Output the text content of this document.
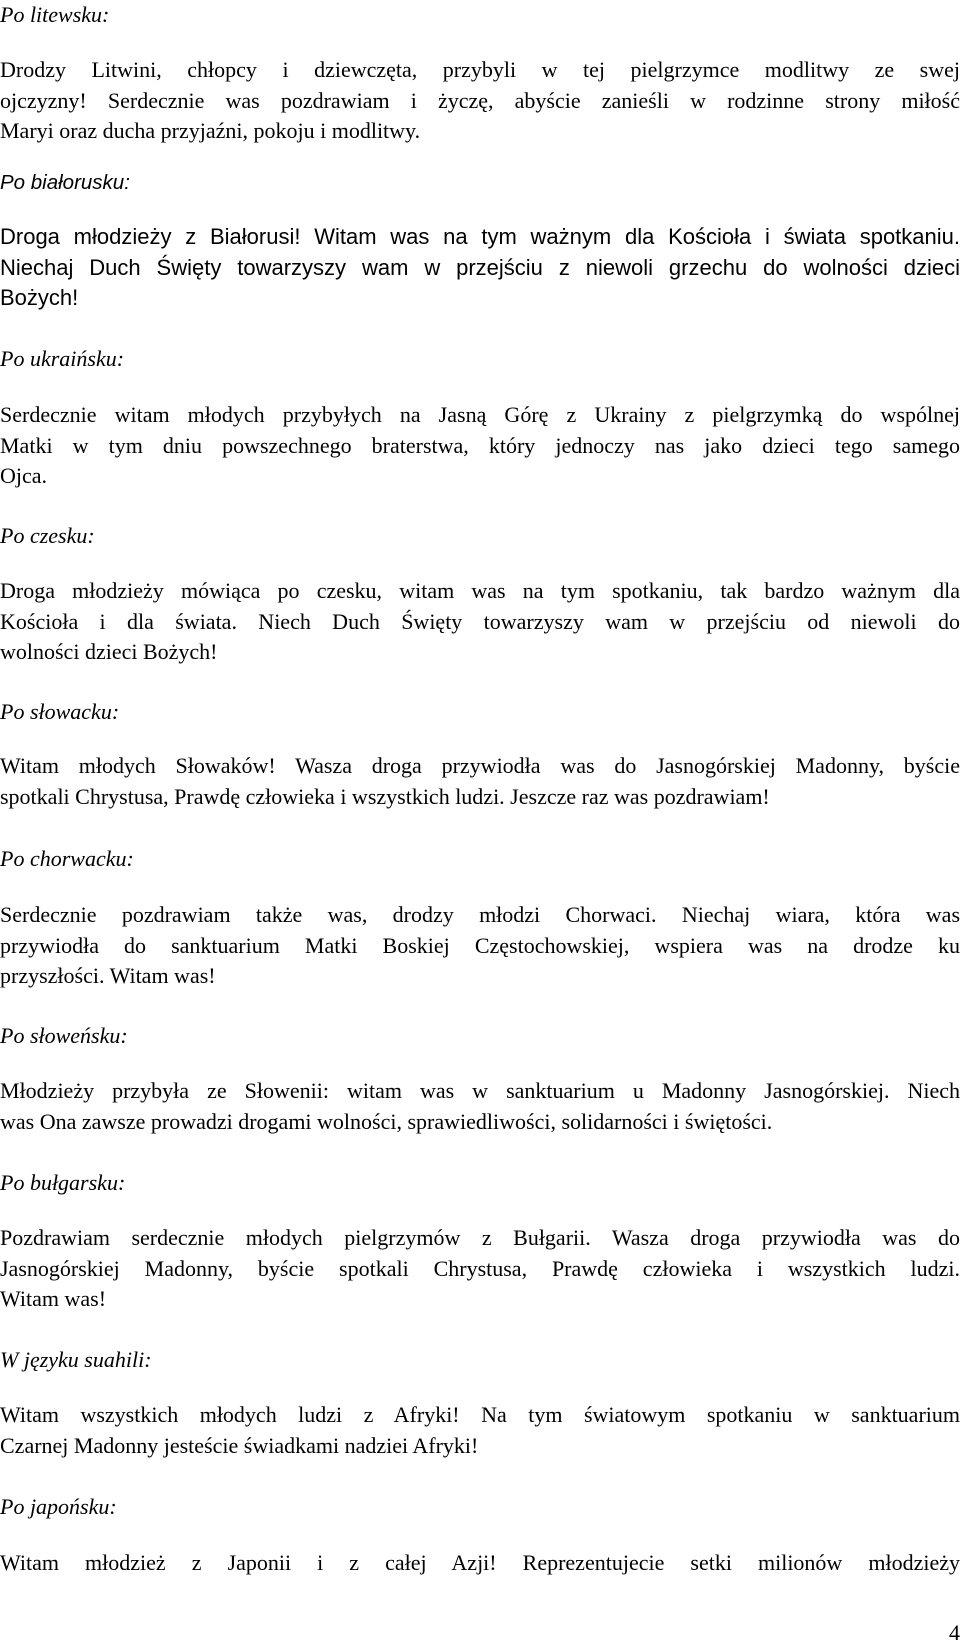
Po litewsku:

Drodzy Litwini, chłopcy i dziewczęta, przybyli w tej pielgrzymce modlitwy ze swej
ojczyzny! Serdecznie was pozdrawiam i życzę, abyście zanieśli w rodzinne strony miłość
Maryi oraz ducha przyjaźni, pokoju i modlitwy.

Po białorusku:

Droga młodzieży z Białorusi! Witam was na tym ważnym dla Kościoła i świata spotkaniu.
Niechaj Duch Święty towarzyszy wam w przejściu z niewoli grzechu do wolności dzieci
Bożych!

Po ukraińsku:

Serdecznie witam młodych przybyłych na Jasną Górę z Ukrainy z pielgrzymką do wspólnej
Matki w tym dniu powszechnego braterstwa, który jednoczy nas jako dzieci tego samego
Ojca.

Po czesku:

Droga młodzieży mówiąca po czesku, witam was na tym spotkaniu, tak bardzo ważnym dla
Kościoła i dla świata. Niech Duch Święty towarzyszy wam w przejściu od niewoli do
wolności dzieci Bożych!

Po słowacku:

Witam młodych Słowaków! Wasza droga przywiodła was do Jasnogórskiej Madonny, byście
spotkali Chrystusa, Prawdę człowieka i wszystkich ludzi. Jeszcze raz was pozdrawiam!

Po chorwacku:

Serdecznie pozdrawiam także was, drodzy młodzi Chorwaci. Niechaj wiara, która was
przywiodła do sanktuarium Matki Boskiej Częstochowskiej, wspiera was na drodze ku
przyszłości. Witam was!

Po słoweńsku:

Młodzieży przybyła ze Słowenii: witam was w sanktuarium u Madonny Jasnogórskiej. Niech
was Ona zawsze prowadzi drogami wolności, sprawiedliwości, solidarności i świętości.

Po bułgarsku:

Pozdrawiam serdecznie młodych pielgrzymów z Bułgarii. Wasza droga przywiodła was do
Jasnogórskiej Madonny, byście spotkali Chrystusa, Prawdę człowieka i wszystkich ludzi.
Witam was!

W języku suahili:

Witam wszystkich młodych ludzi z Afryki! Na tym światowym spotkaniu w sanktuarium
Czarnej Madonny jesteście świadkami nadziei Afryki!

Po japońsku:

Witam młodzież z Japonii i z całej Azji! Reprezentujecie setki milionów młodzieży

4
